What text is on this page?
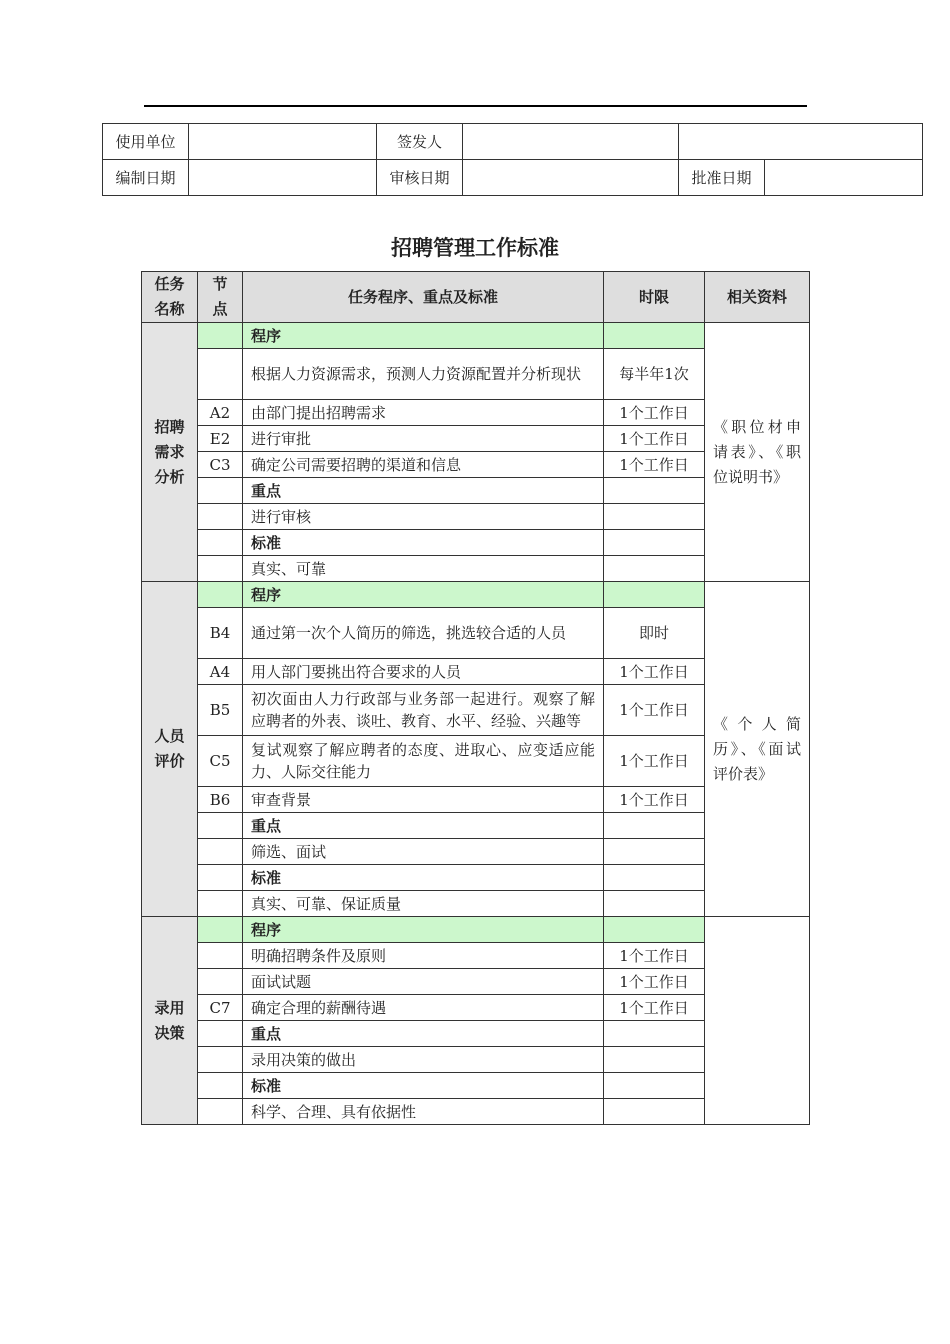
使用单位		签发人			
编制日期		审核日期		批准日期	
招聘管理工作标准
任务名称	节点	任务程序、重点及标准	时限	相关资料

招聘需求分析		程序		《职位材申请表》、《职位说明书》
		根据人力资源需求，预测人力资源配置并分析现状	每半年1次	
	A2	由部门提出招聘需求	1个工作日	
	E2	进行审批	1个工作日	
	C3	确定公司需要招聘的渠道和信息	1个工作日	
		重点		
		进行审核		
		标准		
		真实、可靠		

人员评价		程序		《个人简历》、《面试评价表》
	B4	通过第一次个人简历的筛选，挑选较合适的人员	即时	
	A4	用人部门要挑出符合要求的人员	1个工作日	
	B5	初次面由人力行政部与业务部一起进行。观察了解应聘者的外表、谈吐、教育、水平、经验、兴趣等	1个工作日	
	C5	复试观察了解应聘者的态度、进取心、应变适应能力、人际交往能力	1个工作日	
	B6	审查背景	1个工作日	
		重点		
		筛选、面试		
		标准		
		真实、可靠、保证质量		

录用决策		程序		
		明确招聘条件及原则	1个工作日	
		面试试题	1个工作日	
	C7	确定合理的薪酬待遇	1个工作日	
		重点		
		录用决策的做出		
		标准		
		科学、合理、具有依据性		
